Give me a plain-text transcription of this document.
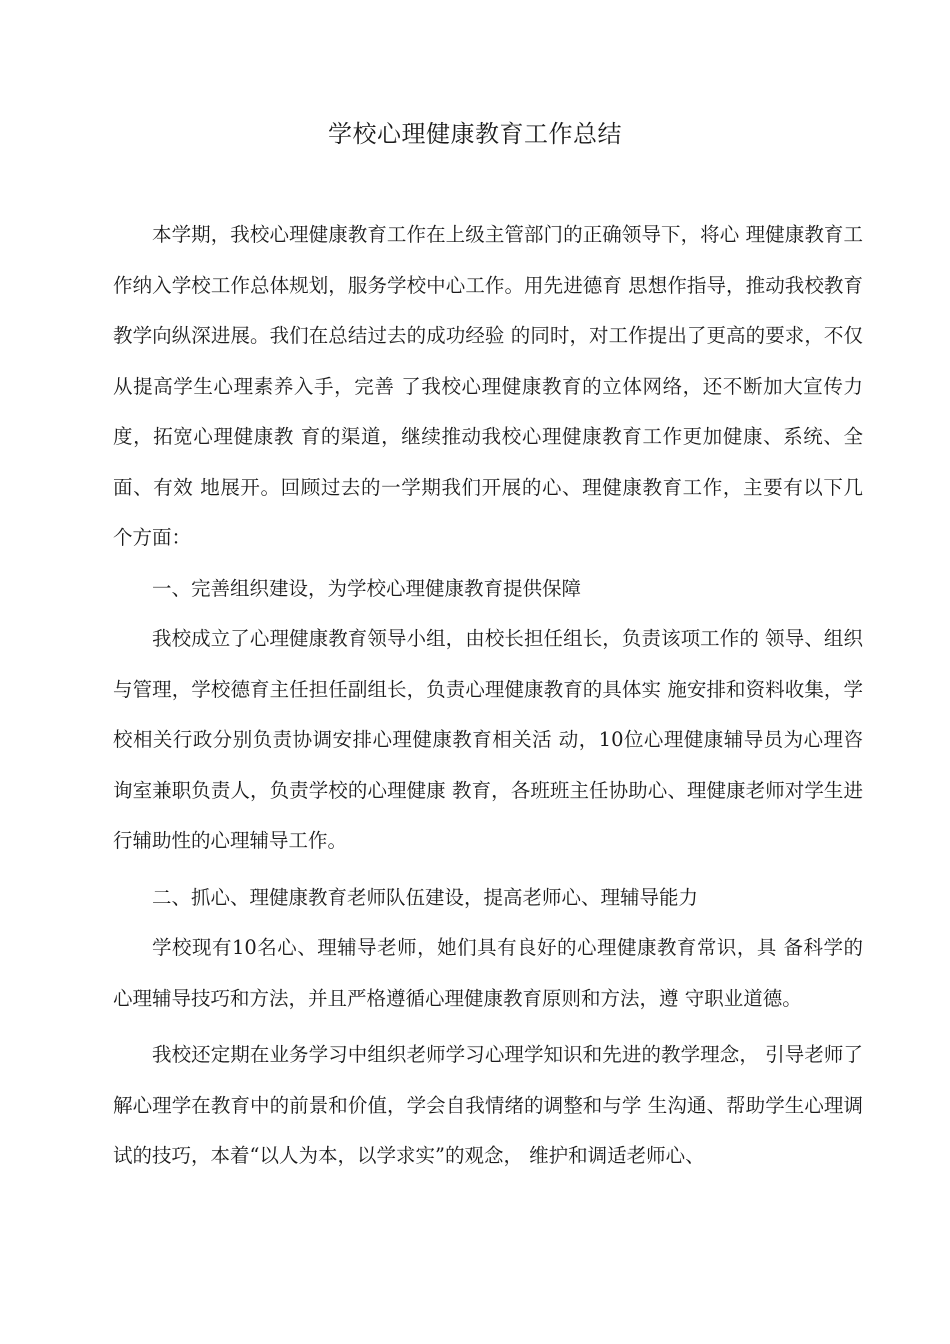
学校心理健康教育工作总结

本学期，我校心理健康教育工作在上级主管部门的正确领导下，将心 理健康教育工作纳入学校工作总体规划，服务学校中心工作。用先进德育 思想作指导，推动我校教育教学向纵深进展。我们在总结过去的成功经验 的同时，对工作提出了更高的要求，不仅从提高学生心理素养入手，完善 了我校心理健康教育的立体网络，还不断加大宣传力度，拓宽心理健康教 育的渠道，继续推动我校心理健康教育工作更加健康、系统、全面、有效 地展开。回顾过去的一学期我们开展的心、理健康教育工作，主要有以下几 个方面：

一、完善组织建设，为学校心理健康教育提供保障

我校成立了心理健康教育领导小组，由校长担任组长，负责该项工作的 领导、组织与管理，学校德育主任担任副组长，负责心理健康教育的具体实 施安排和资料收集，学校相关行政分别负责协调安排心理健康教育相关活 动，10位心理健康辅导员为心理咨询室兼职负责人，负责学校的心理健康 教育，各班班主任协助心、理健康老师对学生进行辅助性的心理辅导工作。

二、抓心、理健康教育老师队伍建设，提高老师心、理辅导能力

学校现有10名心、理辅导老师，她们具有良好的心理健康教育常识，具 备科学的心理辅导技巧和方法，并且严格遵循心理健康教育原则和方法，遵 守职业道德。

我校还定期在业务学习中组织老师学习心理学知识和先进的教学理念， 引导老师了解心理学在教育中的前景和价值，学会自我情绪的调整和与学 生沟通、帮助学生心理调试的技巧，本着“以人为本，以学求实”的观念， 维护和调适老师心、
